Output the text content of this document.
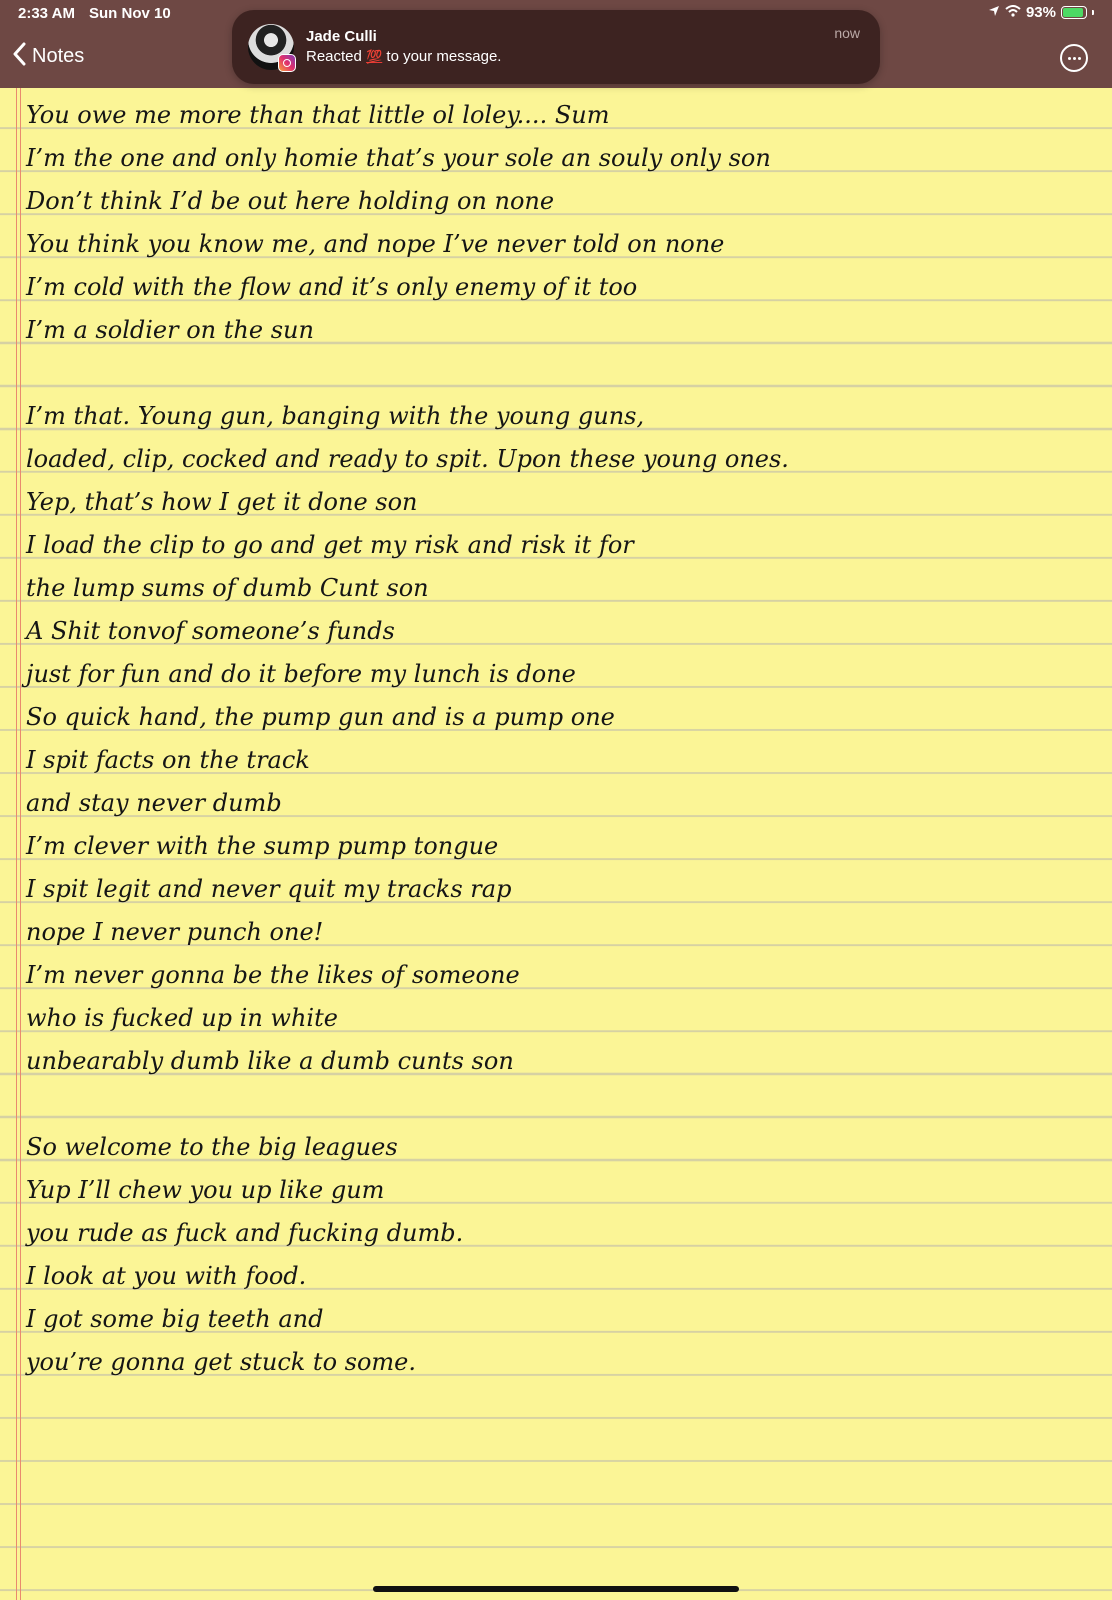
2:33 AM Sun Nov 10	93%
Notes
Jade Culli
Reacted 💯 to your message.
now
You owe me more than that little ol loley.... Sum
I’m the one and only homie that’s your sole an souly only son
Don’t think I’d be out here holding on none
You think you know me, and nope I’ve never told on none
I’m cold with the flow and it’s only enemy of it too
I’m a soldier on the sun
I’m that. Young gun, banging with the young guns,
loaded, clip, cocked and ready to spit. Upon these young ones.
Yep, that’s how I get it done son
I load the clip to go and get my risk and risk it for
the lump sums of dumb Cunt son
A Shit tonvof someone’s funds
just for fun and do it before my lunch is done
So quick hand, the pump gun and is a pump one
I spit facts on the track
and stay never dumb
I’m clever with the sump pump tongue
I spit legit and never quit my tracks rap
nope I never punch one!
I’m never gonna be the likes of someone
who is fucked up in white
unbearably dumb like a dumb cunts son
So welcome to the big leagues
Yup I’ll chew you up like gum
you rude as fuck and fucking dumb.
I look at you with food.
I got some big teeth and
you’re gonna get stuck to some.
